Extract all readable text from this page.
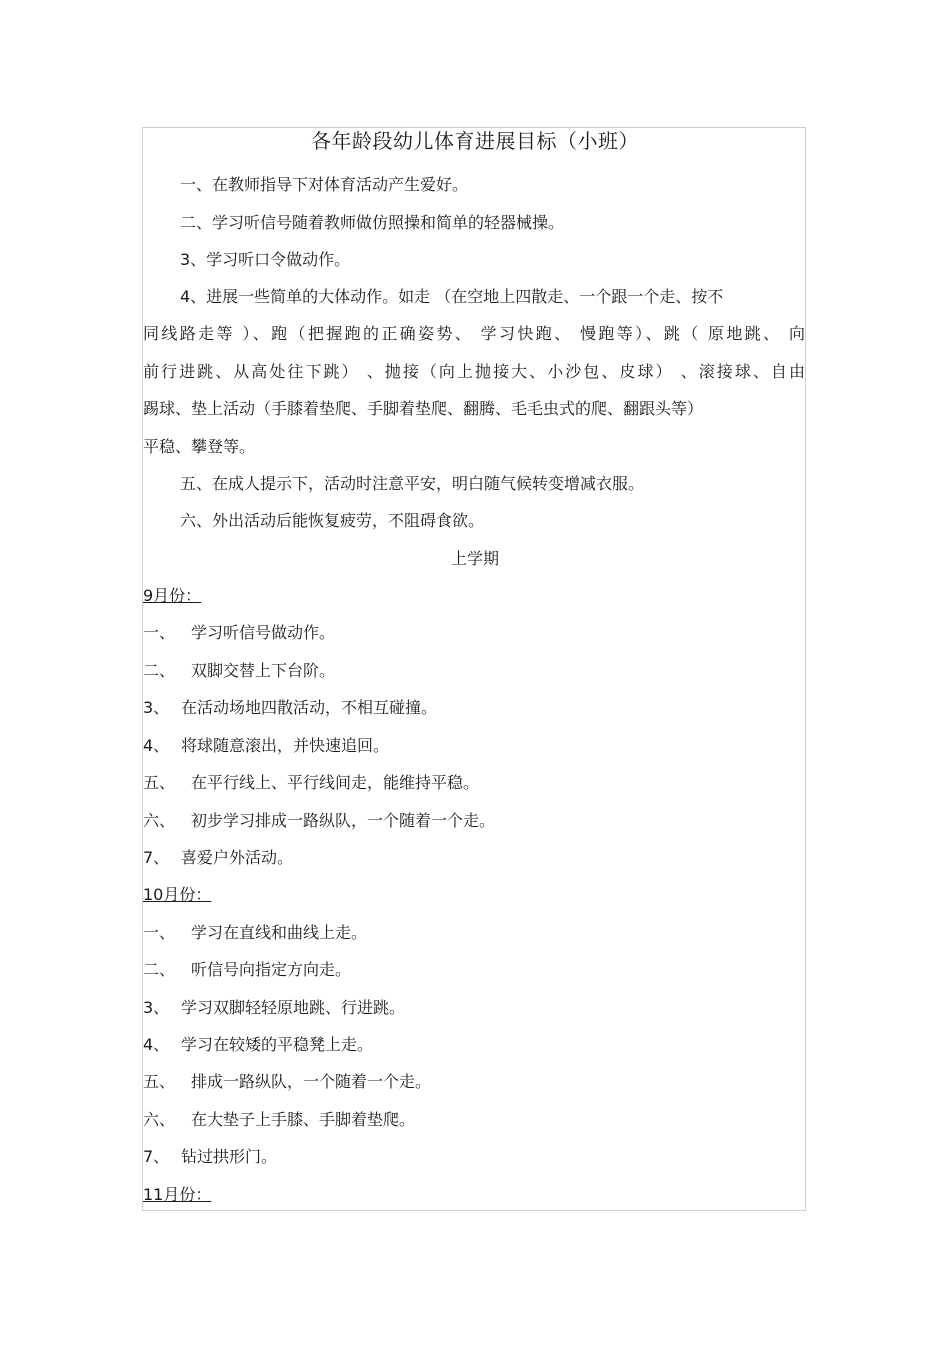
各年龄段幼儿体育进展目标（小班）
一、在教师指导下对体育活动产生爱好。
二、学习听信号随着教师做仿照操和简单的轻器械操。
3、学习听口令做动作。
4、进展一些简单的大体动作。如走 （在空地上四散走、一个跟一个走、按不
同线路走等 ）、跑（把握跑的正确姿势、 学习快跑、 慢跑等）、跳（ 原地跳、 向
前行进跳、从高处往下跳） 、抛接（向上抛接大、小沙包、皮球） 、滚接球、自由
踢球、垫上活动（手膝着垫爬、手脚着垫爬、翻腾、毛毛虫式的爬、翻跟头等）
平稳、攀登等。
五、在成人提示下，活动时注意平安，明白随气候转变增减衣服。
六、外出活动后能恢复疲劳，不阻碍食欲。
上学期
9月份：
一、 学习听信号做动作。
二、 双脚交替上下台阶。
3、 在活动场地四散活动，不相互碰撞。
4、 将球随意滚出，并快速追回。
五、 在平行线上、平行线间走，能维持平稳。
六、 初步学习排成一路纵队，一个随着一个走。
7、 喜爱户外活动。
10月份：
一、 学习在直线和曲线上走。
二、 听信号向指定方向走。
3、 学习双脚轻轻原地跳、行进跳。
4、 学习在较矮的平稳凳上走。
五、 排成一路纵队，一个随着一个走。
六、 在大垫子上手膝、手脚着垫爬。
7、 钻过拱形门。
11月份：
